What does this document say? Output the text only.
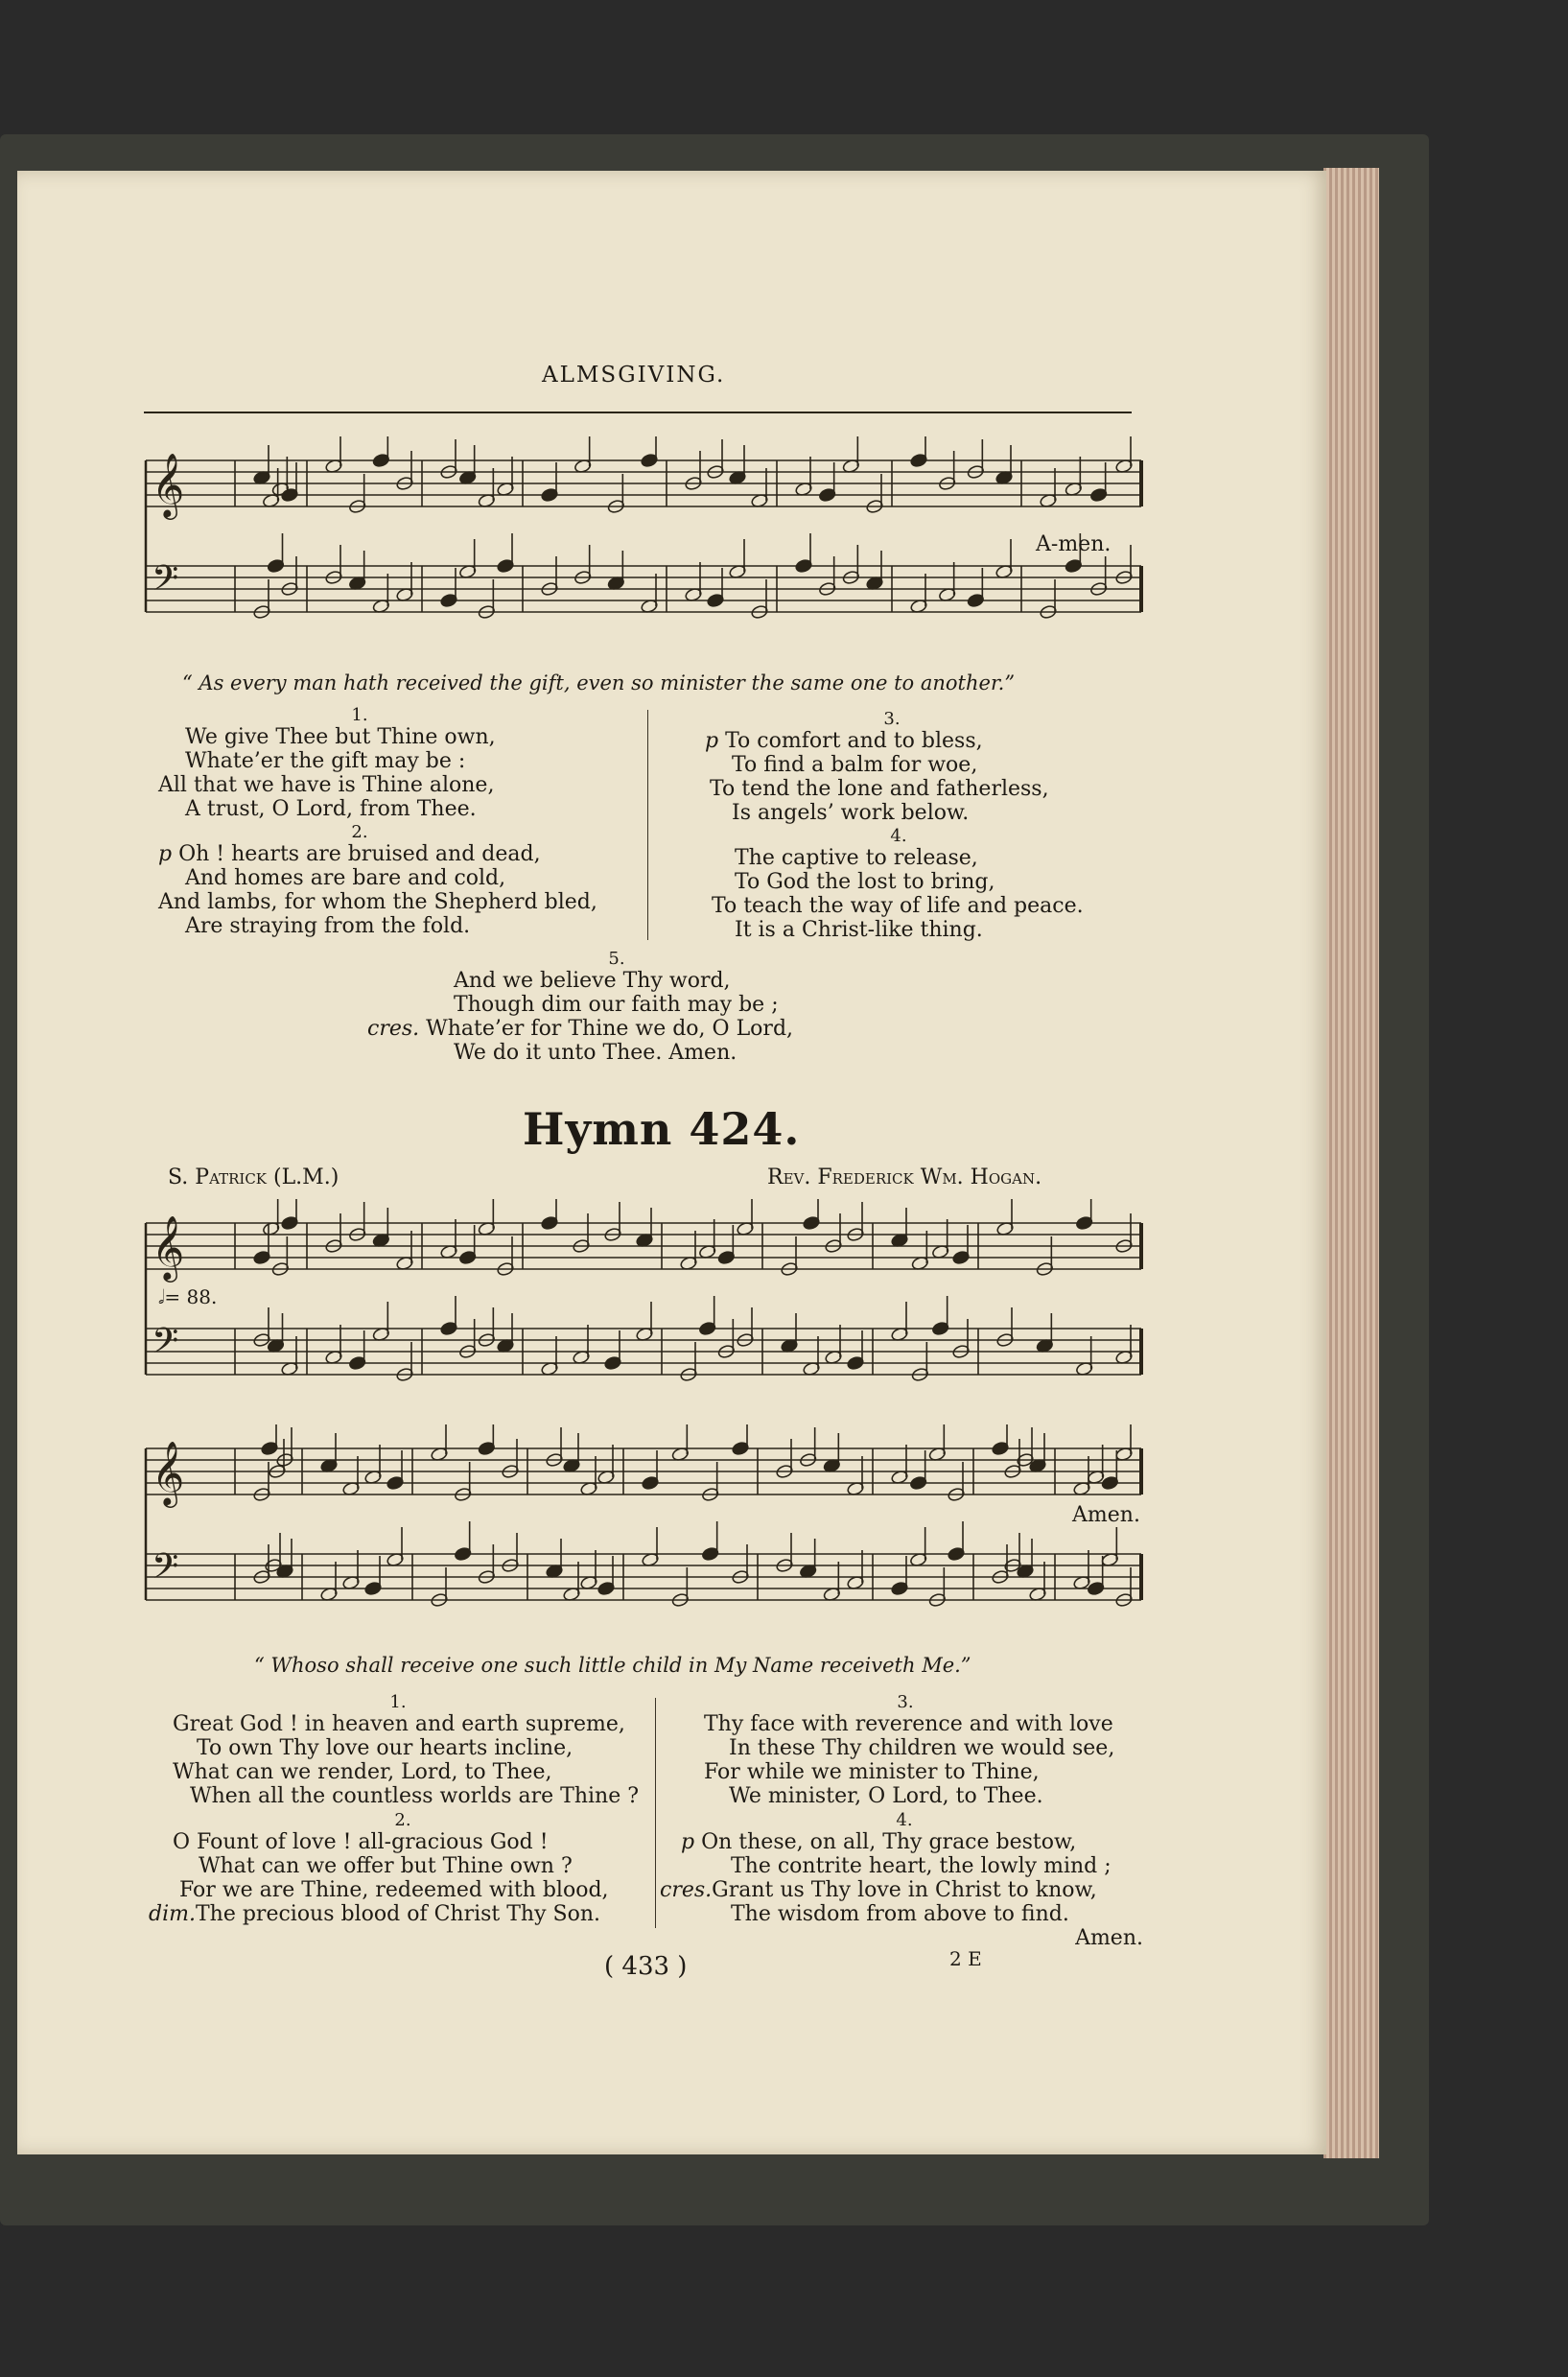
ALMSGIVING.
𝄞
𝄢
A-men.
“ As every man hath received the gift, even so minister the same one to another.”
1.
We give Thee but Thine own,
Whate’er the gift may be :
All that we have is Thine alone,
A trust, O Lord, from Thee.
2.
p Oh ! hearts are bruised and dead,
And homes are bare and cold,
And lambs, for whom the Shepherd bled,
Are straying from the fold.
3.
p To comfort and to bless,
To find a balm for woe,
To tend the lone and fatherless,
Is angels’ work below.
4.
The captive to release,
To God the lost to bring,
To teach the way of life and peace.
It is a Christ-like thing.
5.
And we believe Thy word,
Though dim our faith may be ;
cres. Whate’er for Thine we do, O Lord,
We do it unto Thee. Amen.
Hymn 424.
S. Patrick (L.M.)	Rev. Frederick Wm. Hogan.
𝄞
𝄢
𝅗𝅥= 88.
𝄞
𝄢
Amen.
“ Whoso shall receive one such little child in My Name receiveth Me.”
1.
Great God ! in heaven and earth supreme,
To own Thy love our hearts incline,
What can we render, Lord, to Thee,
When all the countless worlds are Thine ?
2.
O Fount of love ! all-gracious God !
What can we offer but Thine own ?
For we are Thine, redeemed with blood,
dim.The precious blood of Christ Thy Son.
3.
Thy face with reverence and with love
In these Thy children we would see,
For while we minister to Thine,
We minister, O Lord, to Thee.
4.
p On these, on all, Thy grace bestow,
The contrite heart, the lowly mind ;
cres.Grant us Thy love in Christ to know,
The wisdom from above to find.
Amen.
( 433 )	2 E
